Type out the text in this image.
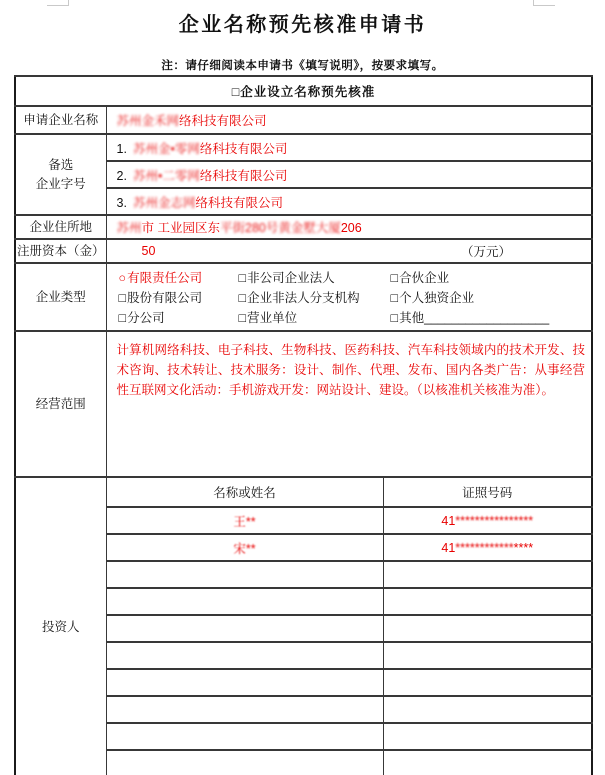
企业名称预先核准申请书
注：请仔细阅读本申请书《填写说明》，按要求填写。
□企业设立名称预先核准		
申请企业名称	苏州金禾网络科技有限公司	
备选
企业字号	1. 苏州金•零网络科技有限公司	
	2. 苏州•二零网络科技有限公司	
	3. 苏州金志网络科技有限公司	
企业住所地	苏州市 工业园区东平街280号黄金墅大厦206	
注册资本（金）	50 （万元）	

企业类型	
○有限责任公司	□非公司企业法人	□合伙企业
□股份有限公司	□企业非法人分支机构	□个人独资企业
□分公司	□营业单位	□其他__________________

经营范围	计算机网络科技、电子科技、生物科技、医药科技、汽车科技领域内的技术开发、技术咨询、技术转让、技术服务：设计、制作、代理、发布、国内各类广告：从事经营性互联网文化活动：手机游戏开发：网站设计、建设。（以核准机关核准为准）。	

投资人	名称或姓名	证照号码
	王**	41****************
	宋**	41****************
